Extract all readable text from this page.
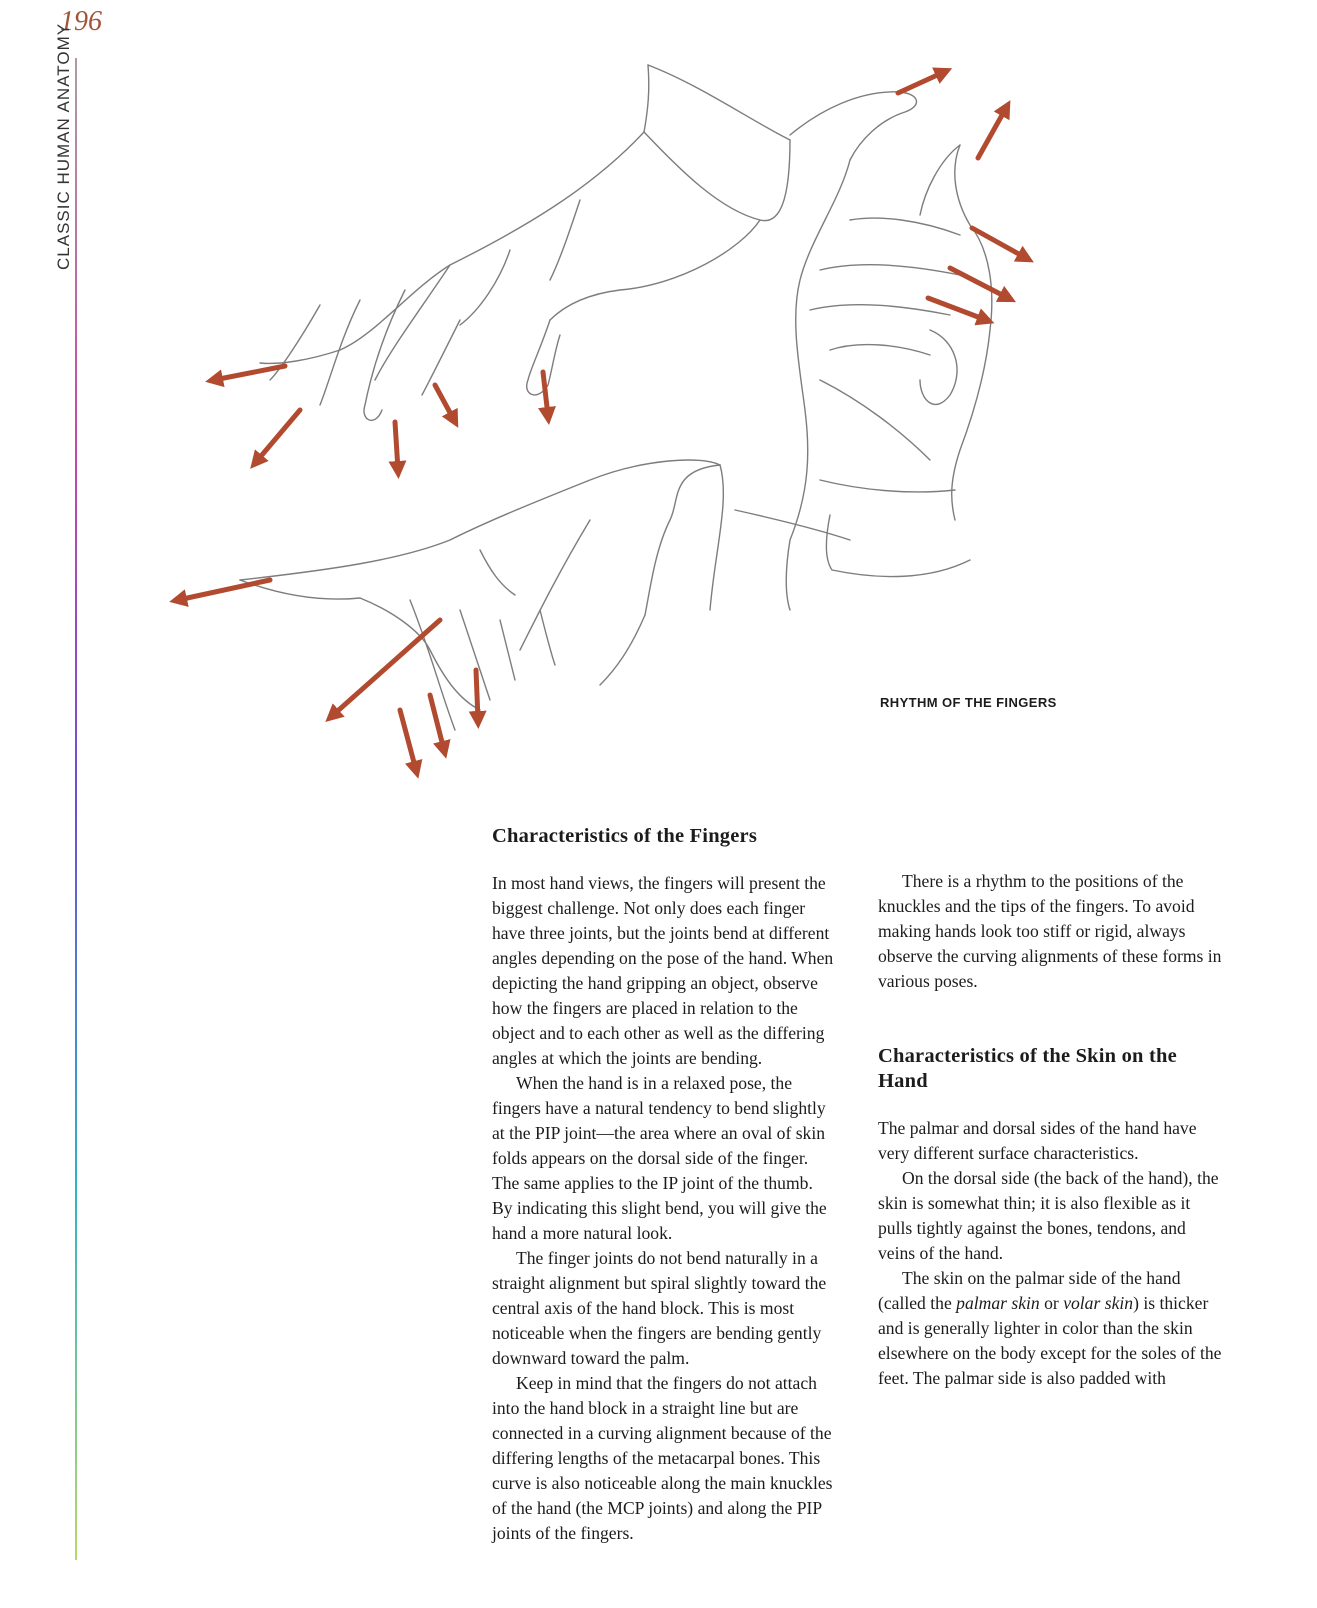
196
CLASSIC HUMAN ANATOMY
RHYTHM OF THE FINGERS
Characteristics of the Fingers

In most hand views, the fingers will present the biggest challenge. Not only does each finger have three joints, but the joints bend at different angles depending on the pose of the hand. When depicting the hand gripping an object, observe how the fingers are placed in relation to the object and to each other as well as the differing angles at which the joints are bending.

When the hand is in a relaxed pose, the fingers have a natural tendency to bend slightly at the PIP joint—the area where an oval of skin folds appears on the dorsal side of the finger. The same applies to the IP joint of the thumb. By indicating this slight bend, you will give the hand a more natural look.

The finger joints do not bend naturally in a straight alignment but spiral slightly toward the central axis of the hand block. This is most noticeable when the fingers are bending gently downward toward the palm.

Keep in mind that the fingers do not attach into the hand block in a straight line but are connected in a curving alignment because of the differing lengths of the metacarpal bones. This curve is also noticeable along the main knuckles of the hand (the MCP joints) and along the PIP joints of the fingers.

There is a rhythm to the positions of the knuckles and the tips of the fingers. To avoid making hands look too stiff or rigid, always observe the curving alignments of these forms in various poses.

Characteristics of the Skin on the Hand

The palmar and dorsal sides of the hand have very different surface characteristics.

On the dorsal side (the back of the hand), the skin is somewhat thin; it is also flexible as it pulls tightly against the bones, tendons, and veins of the hand.

The skin on the palmar side of the hand (called the palmar skin or volar skin) is thicker and is generally lighter in color than the skin elsewhere on the body except for the soles of the feet. The palmar side is also padded with
